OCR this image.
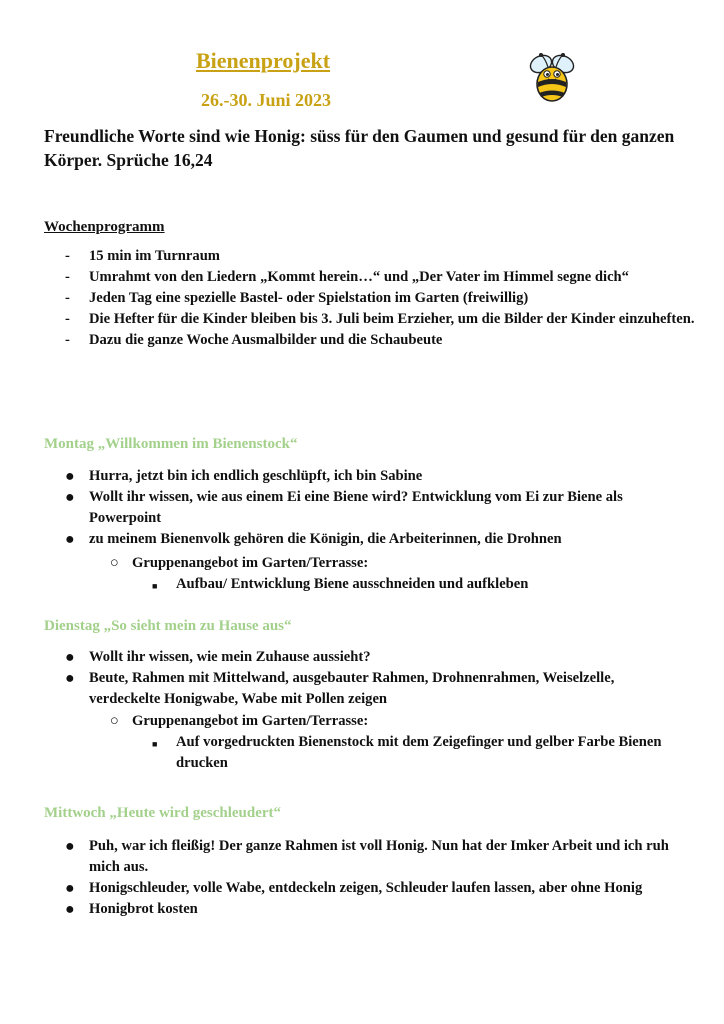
Bienenprojekt
26.-30. Juni 2023

Freundliche Worte sind wie Honig: süss für den Gaumen und gesund für den ganzen Körper. Sprüche 16,24

Wochenprogramm
- 15 min im Turnraum
- Umrahmt von den Liedern „Kommt herein…“ und „Der Vater im Himmel segne dich“
- Jeden Tag eine spezielle Bastel- oder Spielstation im Garten (freiwillig)
- Die Hefter für die Kinder bleiben bis 3. Juli beim Erzieher, um die Bilder der Kinder einzuheften.
- Dazu die ganze Woche Ausmalbilder und die Schaubeute
Montag „Willkommen im Bienenstock“
● Hurra, jetzt bin ich endlich geschlüpft, ich bin Sabine
● Wollt ihr wissen, wie aus einem Ei eine Biene wird? Entwicklung vom Ei zur Biene als Powerpoint
● zu meinem Bienenvolk gehören die Königin, die Arbeiterinnen, die Drohnen
○ Gruppenangebot im Garten/Terrasse:
■ Aufbau/ Entwicklung Biene ausschneiden und aufkleben
Dienstag „So sieht mein zu Hause aus“
● Wollt ihr wissen, wie mein Zuhause aussieht?
● Beute, Rahmen mit Mittelwand, ausgebauter Rahmen, Drohnenrahmen, Weiselzelle, verdeckelte Honigwabe, Wabe mit Pollen zeigen
○ Gruppenangebot im Garten/Terrasse:
■ Auf vorgedruckten Bienenstock mit dem Zeigefinger und gelber Farbe Bienen drucken
Mittwoch „Heute wird geschleudert“
● Puh, war ich fleißig! Der ganze Rahmen ist voll Honig. Nun hat der Imker Arbeit und ich ruh mich aus.
● Honigschleuder, volle Wabe, entdeckeln zeigen, Schleuder laufen lassen, aber ohne Honig
● Honigbrot kosten
